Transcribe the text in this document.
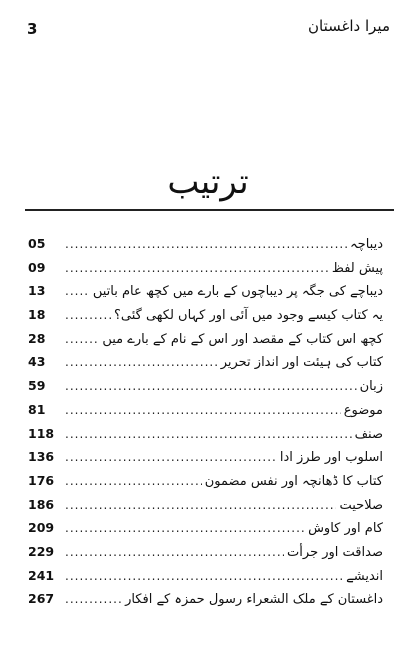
3	میرا داغستان
ترتیب
05 .....	دیباچہ
09 .....	پیش لفظ
13 .....	دیباچے کی جگہ پر دیباچوں کے بارے میں کچھ عام باتیں
18 .....	یہ کتاب کیسے وجود میں آئی اور کہاں لکھی گئی؟
28 .....	کچھ اس کتاب کے مقصد اور اس کے نام کے بارے میں
43 .....	کتاب کی ہیئت اور انداز تحریر
59 .....	زبان
81 .....	موضوع
118 .....	صنف
136 .....	اسلوب اور طرز ادا
176 .....	کتاب کا ڈھانچہ اور نفس مضمون
186 .....	صلاحیت
209 .....	کام اور کاوش
229 .....	صداقت اور جرأت
241 .....	اندیشے
267 .....	داغستان کے ملک الشعراء رسول حمزہ کے افکار
